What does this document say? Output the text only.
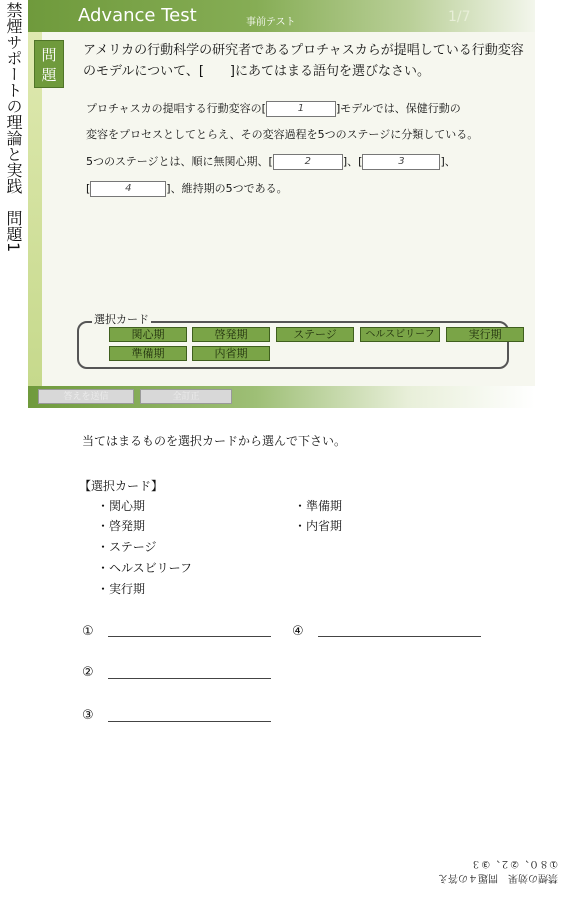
禁煙サポートの理論と実践　問題1	Advance Test	事前テスト	1/7
問題
アメリカの行動科学の研究者であるプロチャスカらが提唱している行動変容のモデルについて、[　　]にあてはまる語句を選びなさい。
プロチャスカの提唱する行動変容の[	1	]モデルでは、保健行動の
変容をプロセスとしてとらえ、その変容過程を5つのステージに分類している。
5つのステージとは、順に無関心期、[	2	]、[	3	]、
[	4	]、維持期の5つである。
選択カード
関心期	啓発期	ステージ	ヘルスビリーフ	実行期
準備期	内省期
答えを送信	全訂正
当てはまるものを選択カードから選んで下さい。
【選択カード】
・関心期
・啓発期
・ステージ
・ヘルスビリーフ
・実行期
・準備期
・内省期
①	④
②
③
禁煙の効果　問題４の答え
①８０、②２、③３
